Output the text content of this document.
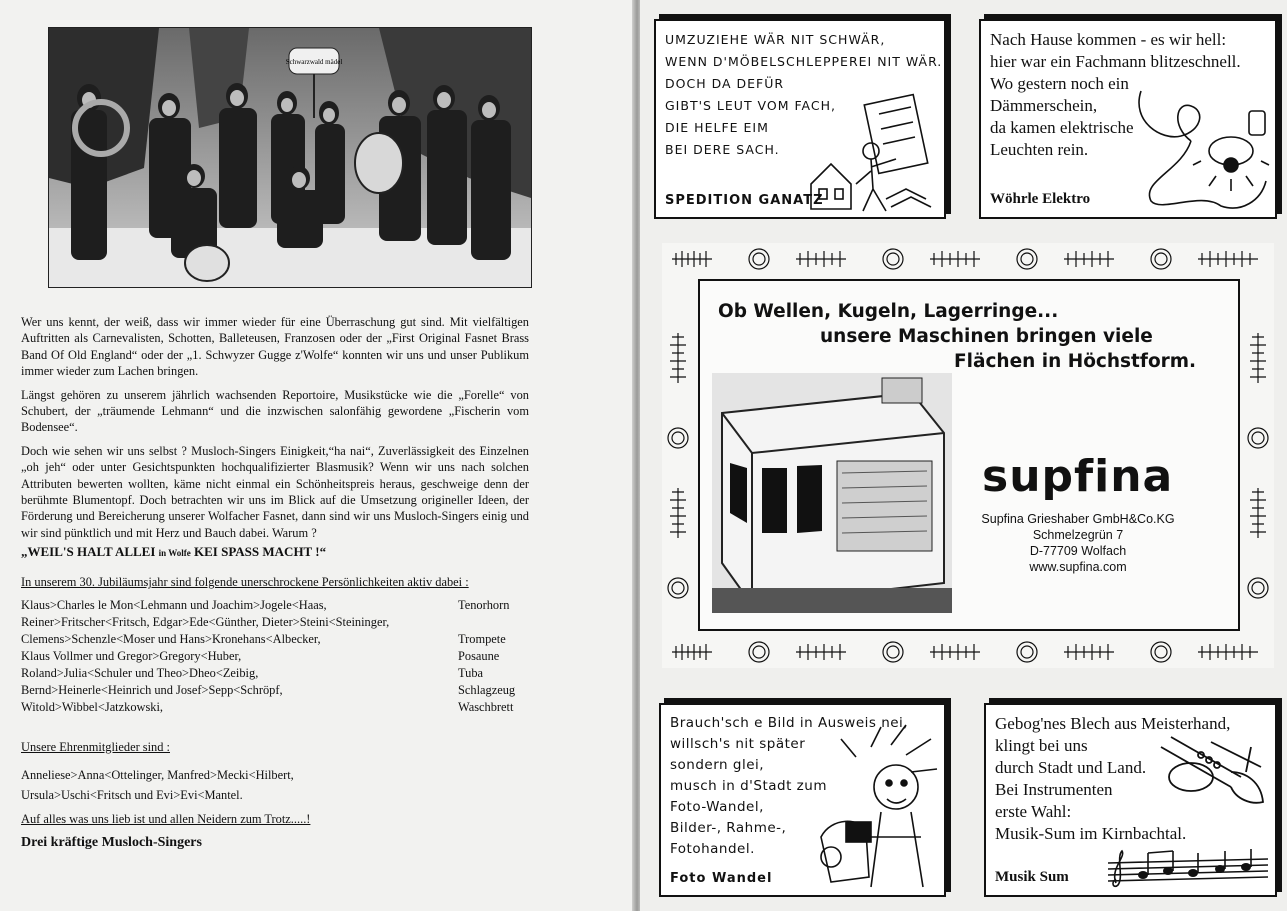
Schwarzwald mädel

Wer uns kennt, der weiß, dass wir immer wieder für eine Überraschung gut sind. Mit vielfältigen Auftritten als Carnevalisten, Schotten, Balleteusen, Franzosen oder der „First Original Fasnet Brass Band Of Old England“ oder der „1. Schwyzer Gugge z'Wolfe“ konnten wir uns und unser Publikum immer wieder zum Lachen bringen.

Längst gehören zu unserem jährlich wachsenden Reportoire, Musikstücke wie die „Forelle“ von Schubert, der „träumende Lehmann“ und die inzwischen salonfähig gewordene „Fischerin vom Bodensee“.

Doch wie sehen wir uns selbst ? Musloch-Singers Einigkeit,“ha nai“, Zuverlässigkeit des Einzelnen „oh jeh“ oder unter Gesichtspunkten hochqualifizierter Blasmusik? Wenn wir uns nach solchen Attributen bewerten wollten, käme nicht einmal ein Schönheitspreis heraus, geschweige denn der berühmte Blumentopf. Doch betrachten wir uns im Blick auf die Umsetzung origineller Ideen, der Förderung und Bereicherung unserer Wolfacher Fasnet, dann sind wir uns Musloch-Singers einig und wir sind pünktlich und mit Herz und Bauch dabei. Warum ?

„WEIL'S HALT ALLEI in Wolfe KEI SPASS MACHT !“
In unserem 30. Jubiläumsjahr sind folgende unerschrockene Persönlichkeiten aktiv dabei :
Klaus>Charles le Mon<Lehmann und Joachim>Jogele<Haas,	Tenorhorn
Reiner>Fritscher<Fritsch, Edgar>Ede<Günther, Dieter>Steini<Steininger,
Clemens>Schenzle<Moser und Hans>Kronehans<Albecker,	Trompete
Klaus Vollmer und Gregor>Gregory<Huber,	Posaune
Roland>Julia<Schuler und Theo>Dheo<Zeibig,	Tuba
Bernd>Heinerle<Heinrich und Josef>Sepp<Schröpf,	Schlagzeug
Witold>Wibbel<Jatzkowski,	Waschbrett
Unsere Ehrenmitglieder sind :
Anneliese>Anna<Ottelinger, Manfred>Mecki<Hilbert,
Ursula>Uschi<Fritsch und Evi>Evi<Mantel.
Auf alles was uns lieb ist und allen Neidern zum Trotz.....!
Drei kräftige Musloch-Singers
UMZUZIEHE WÄR NIT SCHWÄR,
WENN D'MÖBELSCHLEPPEREI NIT WÄR.
DOCH DA DEFÜR
GIBT'S LEUT VOM FACH,
DIE HELFE EIM
BEI DERE SACH.
SPEDITION GANATZ
Nach Hause kommen - es wir hell:
hier war ein Fachmann blitzeschnell.
Wo gestern noch ein
Dämmerschein,
da kamen elektrische
Leuchten rein.
Wöhrle Elektro
Ob Wellen, Kugeln, Lagerringe...
unsere Maschinen bringen viele
Flächen in Höchstform.
supfina
Supfina Grieshaber GmbH&Co.KG
Schmelzegrün 7
D-77709 Wolfach
www.supfina.com
Brauch'sch e Bild in Ausweis nei,
willsch's nit später
sondern glei,
musch in d'Stadt zum
Foto-Wandel,
Bilder-, Rahme-,
Fotohandel.
Foto Wandel
Gebog'nes Blech aus Meisterhand,
klingt bei uns
durch Stadt und Land.
Bei Instrumenten
erste Wahl:
Musik-Sum im Kirnbachtal.
Musik Sum
